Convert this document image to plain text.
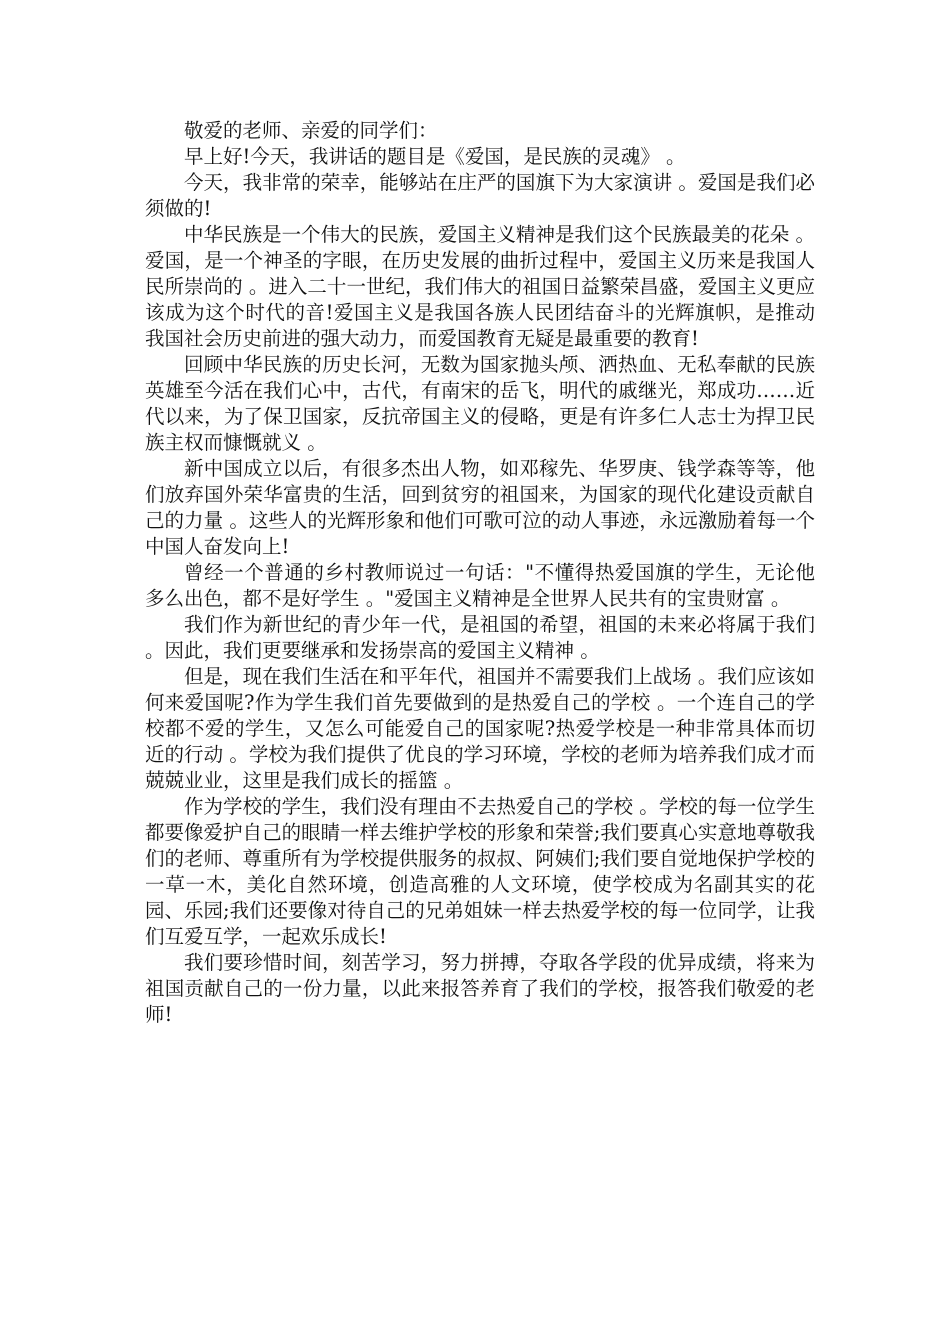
敬爱的老师、亲爱的同学们：

早上好!今天，我讲话的题目是《爱国，是民族的灵魂》 。

今天，我非常的荣幸，能够站在庄严的国旗下为大家演讲 。爱国是我们必须做的!

中华民族是一个伟大的民族，爱国主义精神是我们这个民族最美的花朵 。爱国，是一个神圣的字眼，在历史发展的曲折过程中，爱国主义历来是我国人民所崇尚的 。进入二十一世纪，我们伟大的祖国日益繁荣昌盛，爱国主义更应该成为这个时代的音!爱国主义是我国各族人民团结奋斗的光辉旗帜，是推动我国社会历史前进的强大动力，而爱国教育无疑是最重要的教育!

回顾中华民族的历史长河，无数为国家抛头颅、洒热血、无私奉献的民族英雄至今活在我们心中，古代，有南宋的岳飞，明代的戚继光，郑成功……近代以来，为了保卫国家，反抗帝国主义的侵略，更是有许多仁人志士为捍卫民族主权而慷慨就义 。

新中国成立以后，有很多杰出人物，如邓稼先、华罗庚、钱学森等等，他们放弃国外荣华富贵的生活，回到贫穷的祖国来，为国家的现代化建设贡献自己的力量 。这些人的光辉形象和他们可歌可泣的动人事迹，永远激励着每一个中国人奋发向上!

曾经一个普通的乡村教师说过一句话："不懂得热爱国旗的学生，无论他多么出色，都不是好学生 。"爱国主义精神是全世界人民共有的宝贵财富 。

我们作为新世纪的青少年一代，是祖国的希望，祖国的未来必将属于我们 。因此，我们更要继承和发扬崇高的爱国主义精神 。

但是，现在我们生活在和平年代，祖国并不需要我们上战场 。我们应该如何来爱国呢?作为学生我们首先要做到的是热爱自己的学校 。一个连自己的学校都不爱的学生，又怎么可能爱自己的国家呢?热爱学校是一种非常具体而切近的行动 。学校为我们提供了优良的学习环境，学校的老师为培养我们成才而兢兢业业，这里是我们成长的摇篮 。

作为学校的学生，我们没有理由不去热爱自己的学校 。学校的每一位学生都要像爱护自己的眼睛一样去维护学校的形象和荣誉;我们要真心实意地尊敬我们的老师、尊重所有为学校提供服务的叔叔、阿姨们;我们要自觉地保护学校的一草一木，美化自然环境，创造高雅的人文环境，使学校成为名副其实的花园、乐园;我们还要像对待自己的兄弟姐妹一样去热爱学校的每一位同学，让我们互爱互学，一起欢乐成长!

我们要珍惜时间，刻苦学习，努力拼搏，夺取各学段的优异成绩，将来为祖国贡献自己的一份力量，以此来报答养育了我们的学校，报答我们敬爱的老师!
